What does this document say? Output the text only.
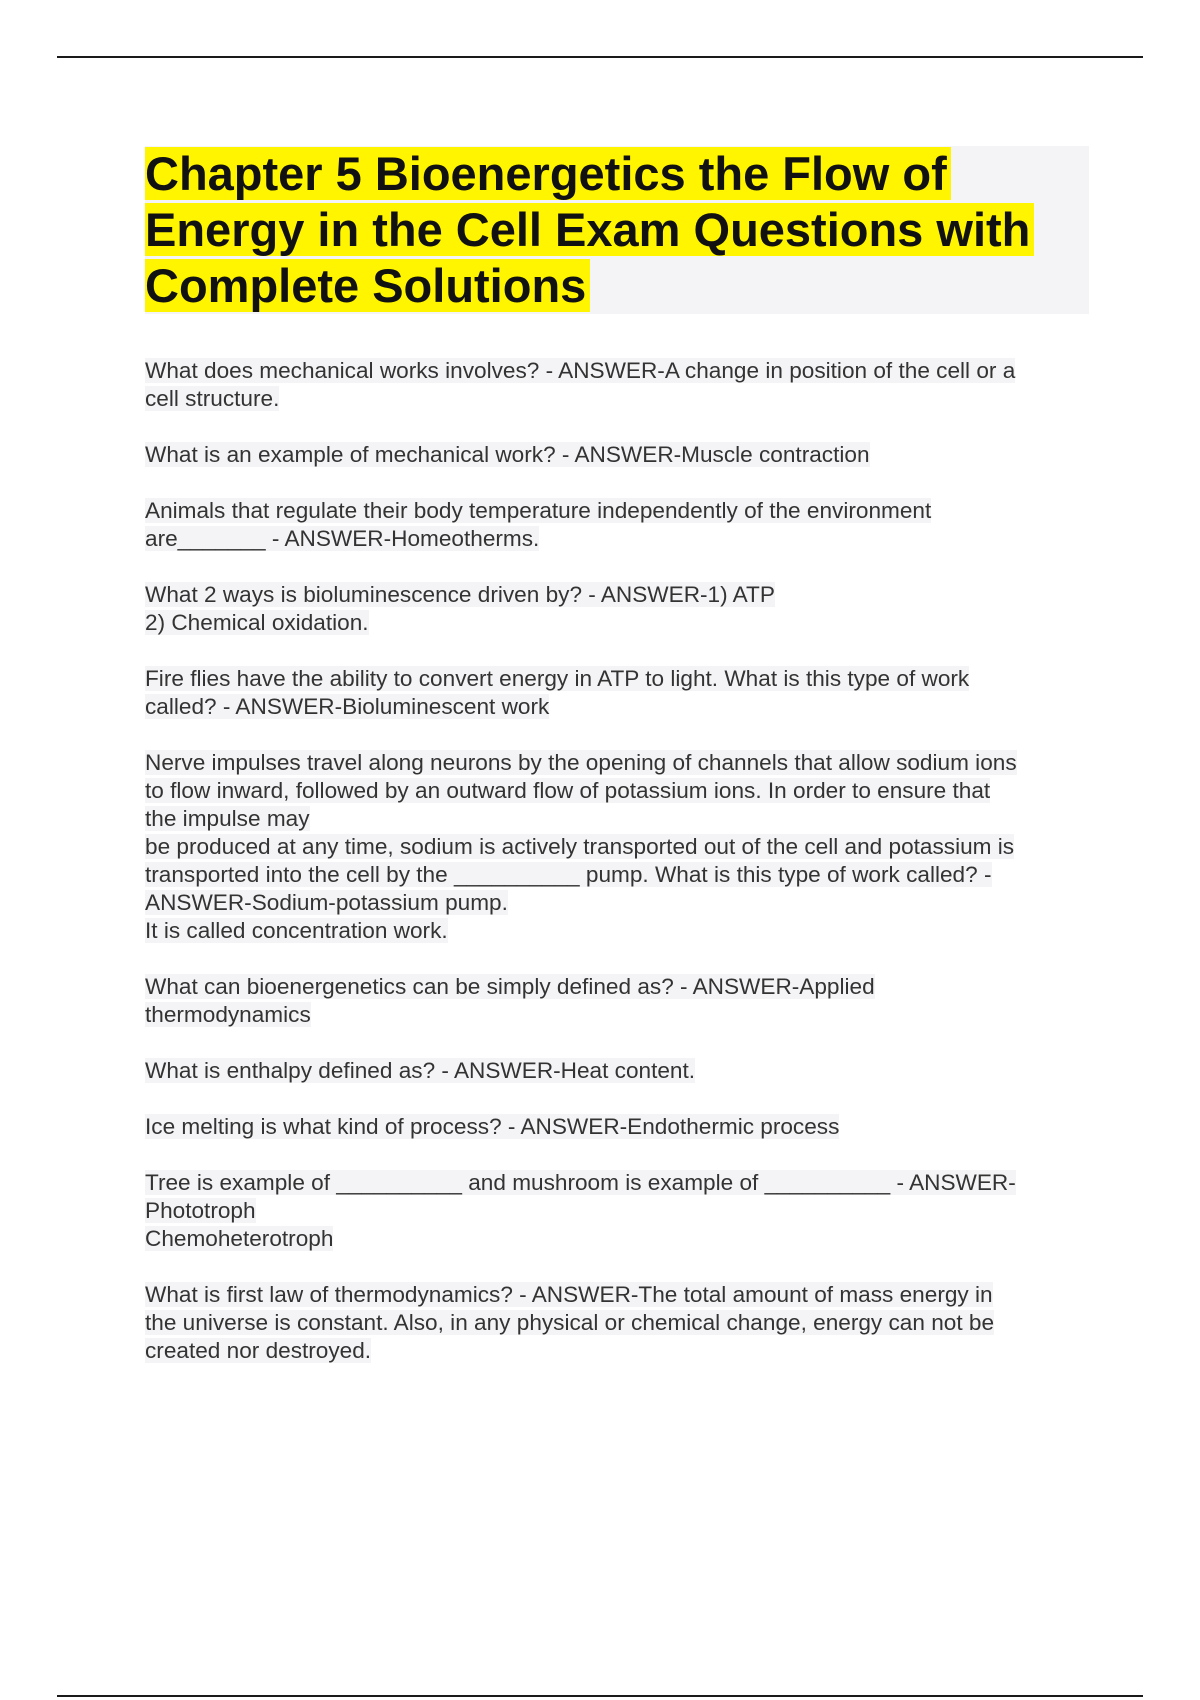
Chapter 5 Bioenergetics the Flow of Energy in the Cell Exam Questions with Complete Solutions

What does mechanical works involves? - ANSWER-A change in position of the cell or a
cell structure.

What is an example of mechanical work? - ANSWER-Muscle contraction

Animals that regulate their body temperature independently of the environment
are_______ - ANSWER-Homeotherms.

What 2 ways is bioluminescence driven by? - ANSWER-1) ATP
2) Chemical oxidation.

Fire flies have the ability to convert energy in ATP to light. What is this type of work
called? - ANSWER-Bioluminescent work

Nerve impulses travel along neurons by the opening of channels that allow sodium ions
to flow inward, followed by an outward flow of potassium ions. In order to ensure that
the impulse may
be produced at any time, sodium is actively transported out of the cell and potassium is
transported into the cell by the __________ pump. What is this type of work called? -
ANSWER-Sodium-potassium pump.
It is called concentration work.

What can bioenergenetics can be simply defined as? - ANSWER-Applied
thermodynamics

What is enthalpy defined as? - ANSWER-Heat content.

Ice melting is what kind of process? - ANSWER-Endothermic process

Tree is example of __________ and mushroom is example of __________ - ANSWER-
Phototroph
Chemoheterotroph

What is first law of thermodynamics? - ANSWER-The total amount of mass energy in
the universe is constant. Also, in any physical or chemical change, energy can not be
created nor destroyed.
